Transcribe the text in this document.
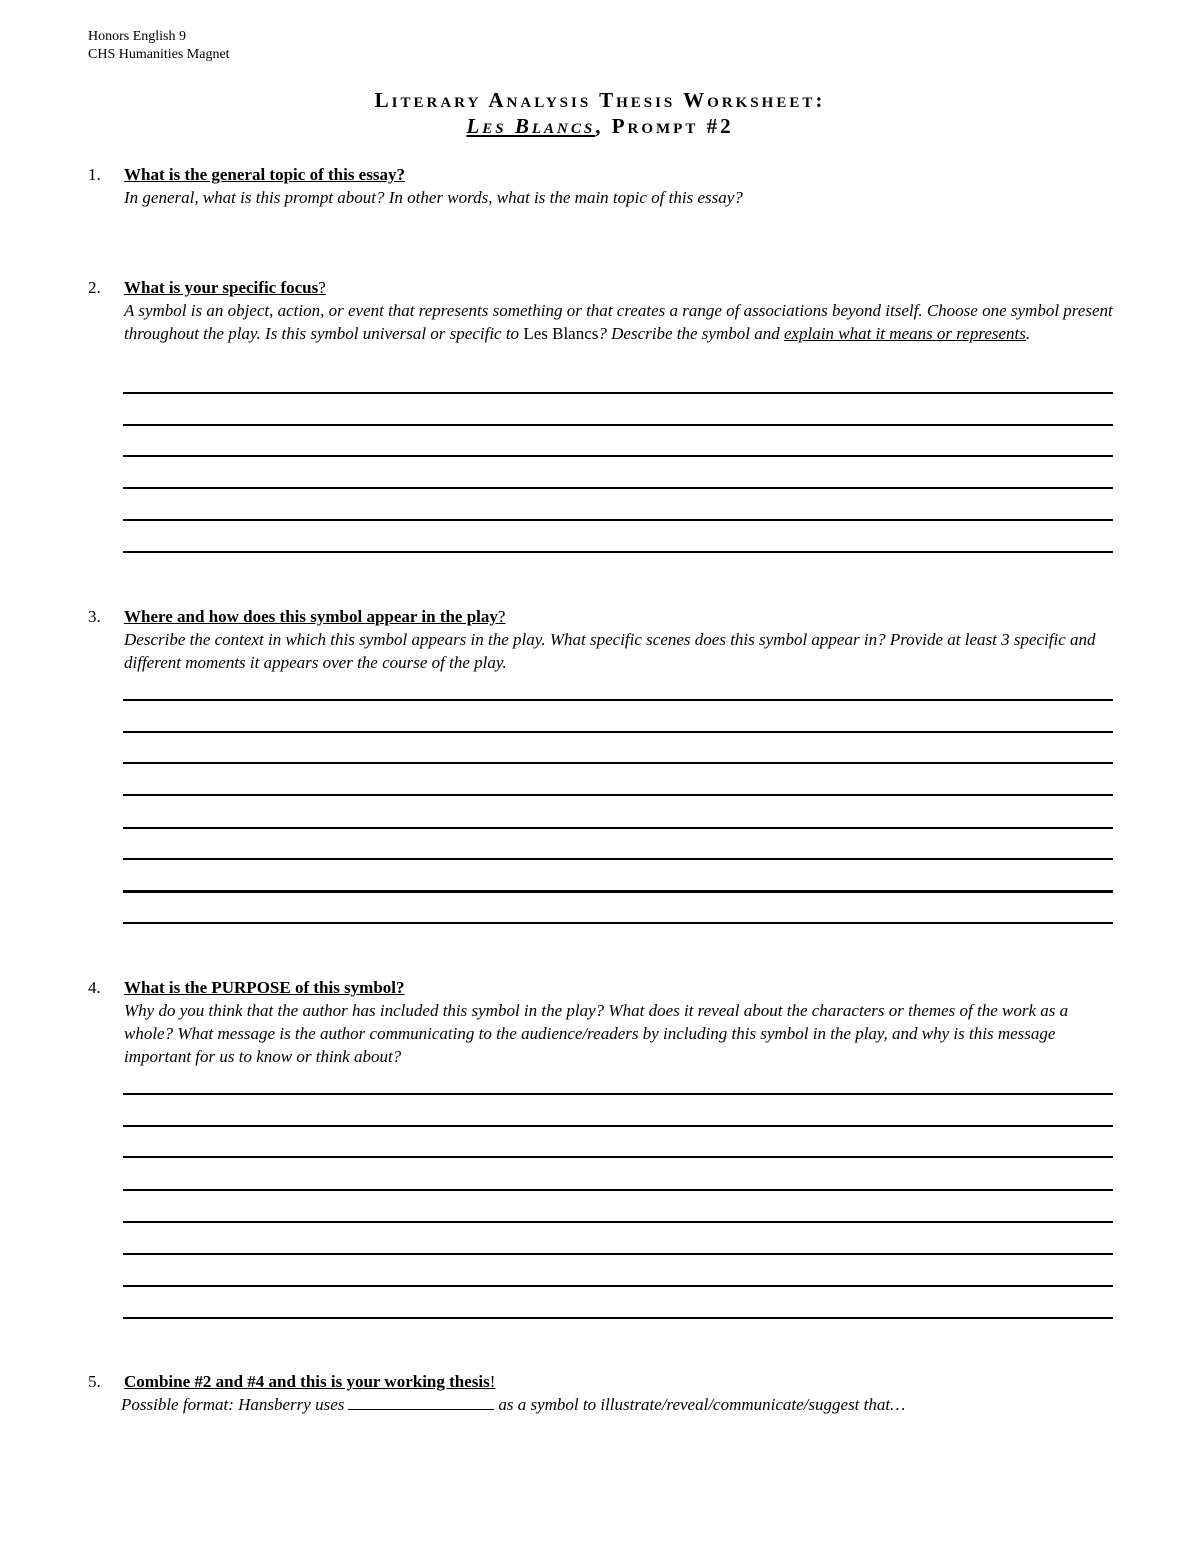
Honors English 9
CHS Humanities Magnet
Literary Analysis Thesis Worksheet:
Les Blancs, Prompt #2
1. What is the general topic of this essay?
In general, what is this prompt about? In other words, what is the main topic of this essay?
2. What is your specific focus?
A symbol is an object, action, or event that represents something or that creates a range of associations beyond itself. Choose one symbol present throughout the play. Is this symbol universal or specific to Les Blancs? Describe the symbol and explain what it means or represents.
3. Where and how does this symbol appear in the play?
Describe the context in which this symbol appears in the play. What specific scenes does this symbol appear in? Provide at least 3 specific and different moments it appears over the course of the play.
4. What is the PURPOSE of this symbol?
Why do you think that the author has included this symbol in the play? What does it reveal about the characters or themes of the work as a whole? What message is the author communicating to the audience/readers by including this symbol in the play, and why is this message important for us to know or think about?
5. Combine #2 and #4 and this is your working thesis!
Possible format: Hansberry uses	as a symbol to illustrate/reveal/communicate/suggest that…
